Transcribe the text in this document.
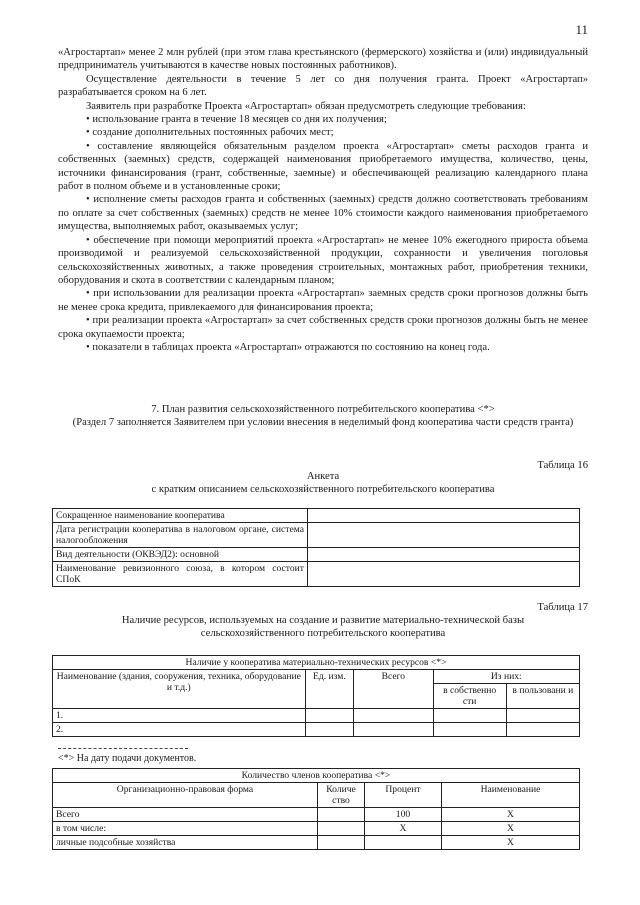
11

«Агростартап» менее 2 млн рублей (при этом глава крестьянского (фермерского) хозяйства и (или) индивидуальный предприниматель учитываются в качестве новых постоянных работников).

Осуществление деятельности в течение 5 лет со дня получения гранта. Проект «Агростартап» разрабатывается сроком на 6 лет.

Заявитель при разработке Проекта «Агростартап» обязан предусмотреть следующие требования:

• использование гранта в течение 18 месяцев со дня их получения;

• создание дополнительных постоянных рабочих мест;

• составление являющейся обязательным разделом проекта «Агростартап» сметы расходов гранта и собственных (заемных) средств, содержащей наименования приобретаемого имущества, количество, цены, источники финансирования (грант, собственные, заемные) и обеспечивающей реализацию календарного плана работ в полном объеме и в установленные сроки;

• исполнение сметы расходов гранта и собственных (заемных) средств должно соответствовать требованиям по оплате за счет собственных (заемных) средств не менее 10% стоимости каждого наименования приобретаемого имущества, выполняемых работ, оказываемых услуг;

• обеспечение при помощи мероприятий проекта «Агростартап» не менее 10% ежегодного прироста объема производимой и реализуемой сельскохозяйственной продукции, сохранности и увеличения поголовья сельскохозяйственных животных, а также проведения строительных, монтажных работ, приобретения техники, оборудования и скота в соответствии с календарным планом;

• при использовании для реализации проекта «Агростартап» заемных средств сроки прогнозов должны быть не менее срока кредита, привлекаемого для финансирования проекта;

• при реализации проекта «Агростартап» за счет собственных средств сроки прогнозов должны быть не менее срока окупаемости проекта;

• показатели в таблицах проекта «Агростартап» отражаются по состоянию на конец года.

7. План развития сельскохозяйственного потребительского кооператива <*>
(Раздел 7 заполняется Заявителем при условии внесения в неделимый фонд кооператива части средств гранта)
Таблица 16
Анкета
с кратким описанием сельскохозяйственного потребительского кооператива
Сокращенное наименование кооператива	
Дата регистрации кооператива в налоговом органе, система налогообложения	
Вид деятельности (ОКВЭД2): основной	
Наименование ревизионного союза, в котором состоит СПоК	
Таблица 17
Наличие ресурсов, используемых на создание и развитие материально-технической базы
сельскохозяйственного потребительского кооператива
Наличие у кооператива материально-технических ресурсов <*>				
Наименование (здания, сооружения, техника, оборудование и т.д.)	Ед. изм.	Всего	Из них:	
			в собственно сти	в пользовани и
1.				
2.				
<*> На дату подачи документов.
Количество членов кооператива <*>			
Организационно-правовая форма	Количе ство	Процент	Наименование
Всего		100	X
в том числе:		X	X
личные подсобные хозяйства			X
